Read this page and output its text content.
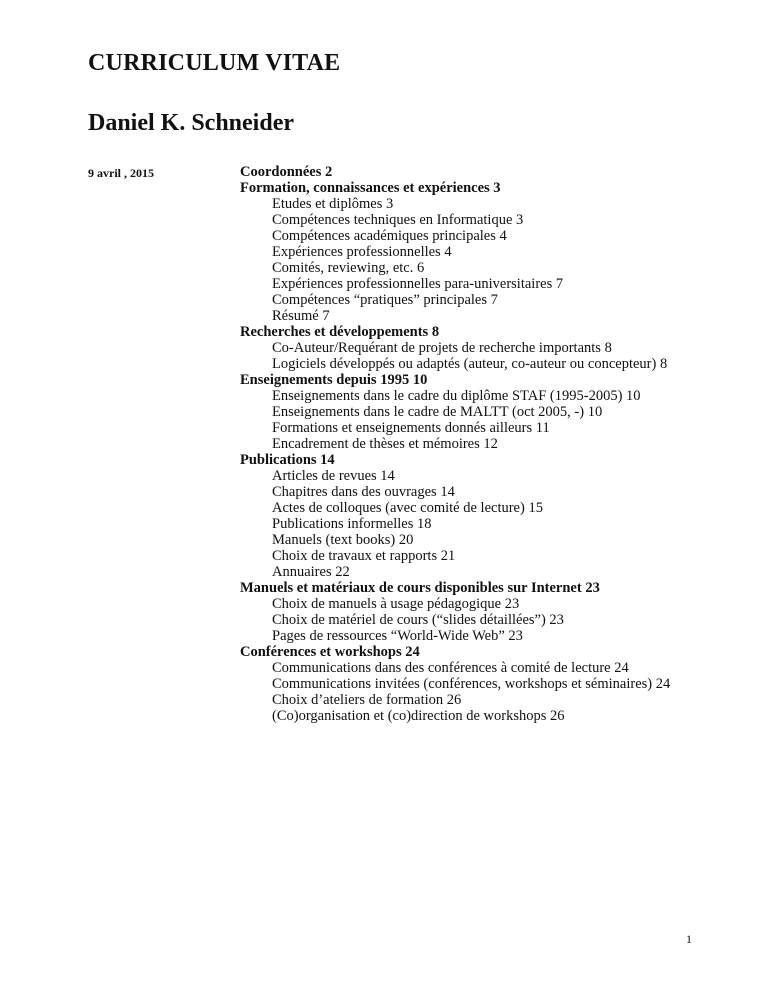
CURRICULUM VITAE
Daniel K. Schneider
9 avril , 2015	Coordonnées 2
Formation, connaissances et expériences 3
Etudes et diplômes 3
Compétences techniques en Informatique 3
Compétences académiques principales 4
Expériences professionnelles 4
Comités, reviewing, etc. 6
Expériences professionnelles para-universitaires 7
Compétences “pratiques” principales 7
Résumé 7
Recherches et développements 8
Co-Auteur/Requérant de projets de recherche importants 8
Logiciels développés ou adaptés (auteur, co-auteur ou concepteur) 8
Enseignements depuis 1995 10
Enseignements dans le cadre du diplôme STAF (1995-2005) 10
Enseignements dans le cadre de MALTT (oct 2005, -) 10
Formations et enseignements donnés ailleurs 11
Encadrement de thèses et mémoires 12
Publications 14
Articles de revues 14
Chapitres dans des ouvrages 14
Actes de colloques (avec comité de lecture) 15
Publications informelles 18
Manuels (text books) 20
Choix de travaux et rapports 21
Annuaires 22
Manuels et matériaux de cours disponibles sur Internet 23
Choix de manuels à usage pédagogique 23
Choix de matériel de cours (“slides détaillées”) 23
Pages de ressources “World-Wide Web” 23
Conférences et workshops 24
Communications dans des conférences à comité de lecture 24
Communications invitées (conférences, workshops et séminaires) 24
Choix d’ateliers de formation 26
(Co)organisation et (co)direction de workshops 26
1
